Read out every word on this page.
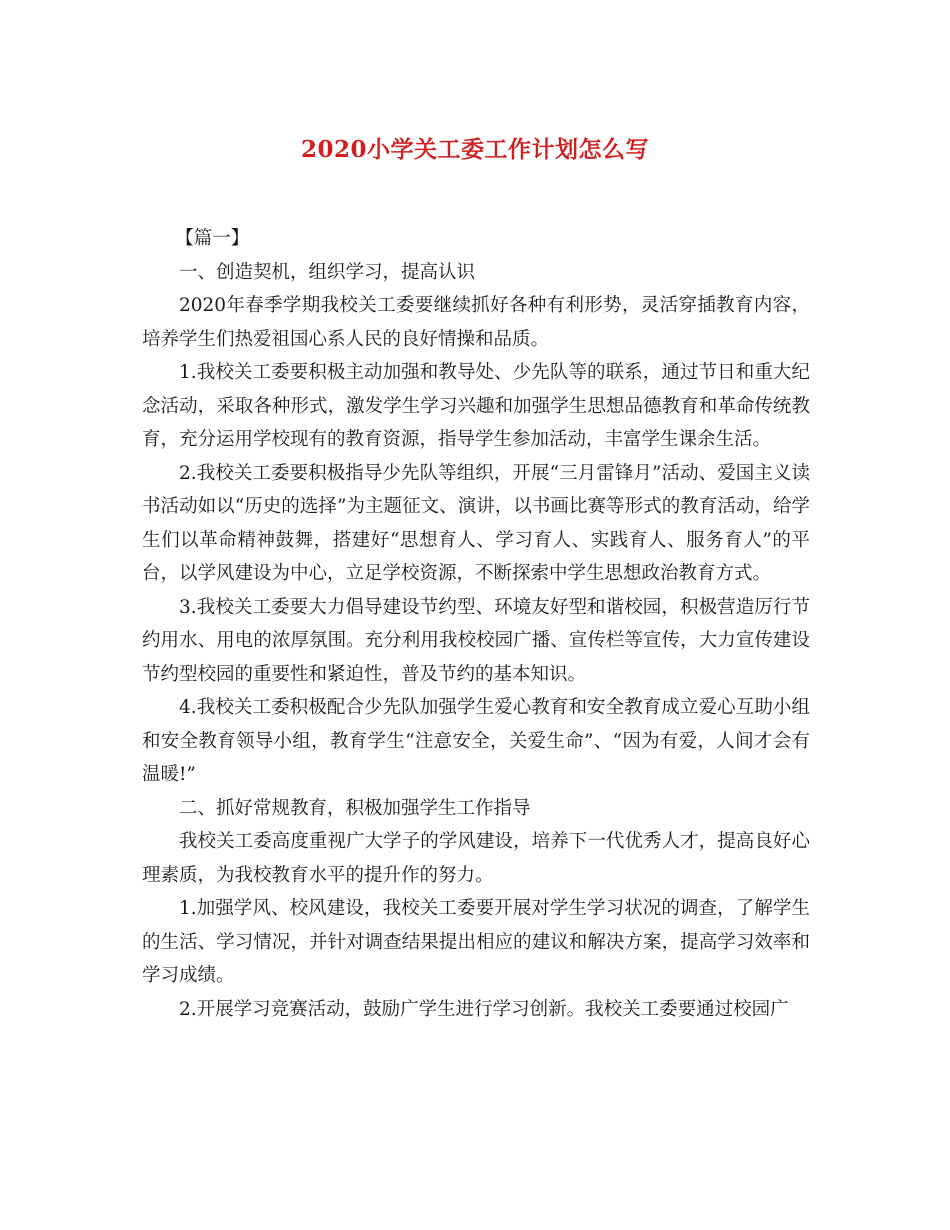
2020小学关工委工作计划怎么写

【篇一】

一、创造契机，组织学习，提高认识

2020年春季学期我校关工委要继续抓好各种有利形势，灵活穿插教育内容，培养学生们热爱祖国心系人民的良好情操和品质。

1.我校关工委要积极主动加强和教导处、少先队等的联系，通过节日和重大纪念活动，采取各种形式，激发学生学习兴趣和加强学生思想品德教育和革命传统教育，充分运用学校现有的教育资源，指导学生参加活动，丰富学生课余生活。

2.我校关工委要积极指导少先队等组织，开展“三月雷锋月”活动、爱国主义读书活动如以“历史的选择”为主题征文、演讲，以书画比赛等形式的教育活动，给学生们以革命精神鼓舞，搭建好“思想育人、学习育人、实践育人、服务育人”的平台，以学风建设为中心，立足学校资源，不断探索中学生思想政治教育方式。

3.我校关工委要大力倡导建设节约型、环境友好型和谐校园，积极营造厉行节约用水、用电的浓厚氛围。充分利用我校校园广播、宣传栏等宣传，大力宣传建设节约型校园的重要性和紧迫性，普及节约的基本知识。

4.我校关工委积极配合少先队加强学生爱心教育和安全教育成立爱心互助小组和安全教育领导小组，教育学生“注意安全，关爱生命”、“因为有爱，人间才会有温暖!”

二、抓好常规教育，积极加强学生工作指导

我校关工委高度重视广大学子的学风建设，培养下一代优秀人才，提高良好心理素质，为我校教育水平的提升作的努力。

1.加强学风、校风建设，我校关工委要开展对学生学习状况的调查，了解学生的生活、学习情况，并针对调查结果提出相应的建议和解决方案，提高学习效率和学习成绩。

2.开展学习竞赛活动，鼓励广学生进行学习创新。我校关工委要通过校园广
